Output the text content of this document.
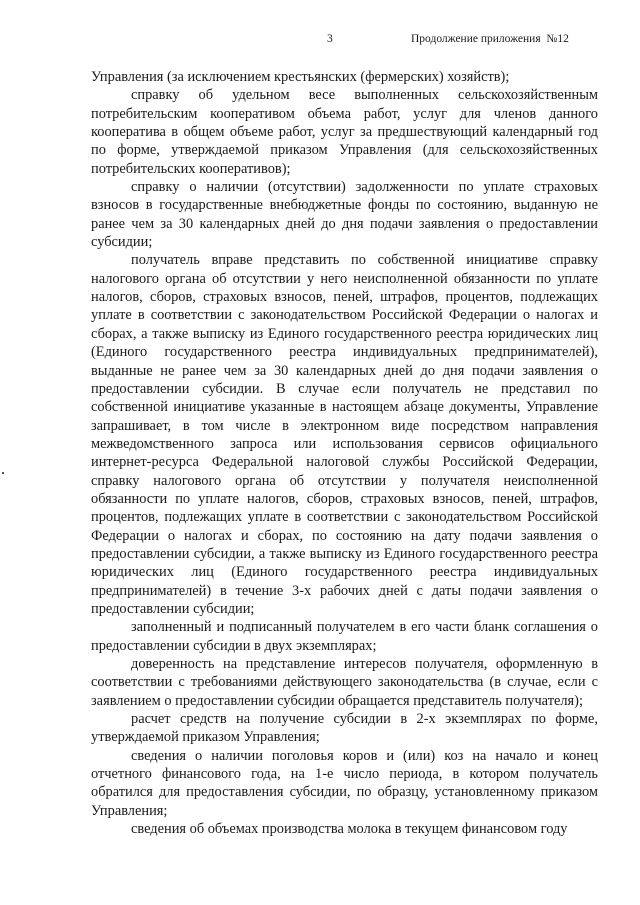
3	Продолжение приложения №12

Управления (за исключением крестьянских (фермерских) хозяйств);

справку об удельном весе выполненных сельскохозяйственным потребительским кооперативом объема работ, услуг для членов данного кооператива в общем объеме работ, услуг за предшествующий календарный год по форме, утверждаемой приказом Управления (для сельскохозяйственных потребительских кооперативов);

справку о наличии (отсутствии) задолженности по уплате страховых взносов в государственные внебюджетные фонды по состоянию, выданную не ранее чем за 30 календарных дней до дня подачи заявления о предоставлении субсидии;

получатель вправе представить по собственной инициативе справку налогового органа об отсутствии у него неисполненной обязанности по уплате налогов, сборов, страховых взносов, пеней, штрафов, процентов, подлежащих уплате в соответствии с законодательством Российской Федерации о налогах и сборах, а также выписку из Единого государственного реестра юридических лиц (Единого государственного реестра индивидуальных предпринимателей), выданные не ранее чем за 30 календарных дней до дня подачи заявления о предоставлении субсидии. В случае если получатель не представил по собственной инициативе указанные в настоящем абзаце документы, Управление запрашивает, в том числе в электронном виде посредством направления межведомственного запроса или использования сервисов официального интернет-ресурса Федеральной налоговой службы Российской Федерации, справку налогового органа об отсутствии у получателя неисполненной обязанности по уплате налогов, сборов, страховых взносов, пеней, штрафов, процентов, подлежащих уплате в соответствии с законодательством Российской Федерации о налогах и сборах, по состоянию на дату подачи заявления о предоставлении субсидии, а также выписку из Единого государственного реестра юридических лиц (Единого государственного реестра индивидуальных предпринимателей) в течение 3-х рабочих дней с даты подачи заявления о предоставлении субсидии;

заполненный и подписанный получателем в его части бланк соглашения о предоставлении субсидии в двух экземплярах;

доверенность на представление интересов получателя, оформленную в соответствии с требованиями действующего законодательства (в случае, если с заявлением о предоставлении субсидии обращается представитель получателя);

расчет средств на получение субсидии в 2-х экземплярах по форме, утверждаемой приказом Управления;

сведения о наличии поголовья коров и (или) коз на начало и конец отчетного финансового года, на 1-е число периода, в котором получатель обратился для предоставления субсидии, по образцу, установленному приказом Управления;

сведения об объемах производства молока в текущем финансовом году
